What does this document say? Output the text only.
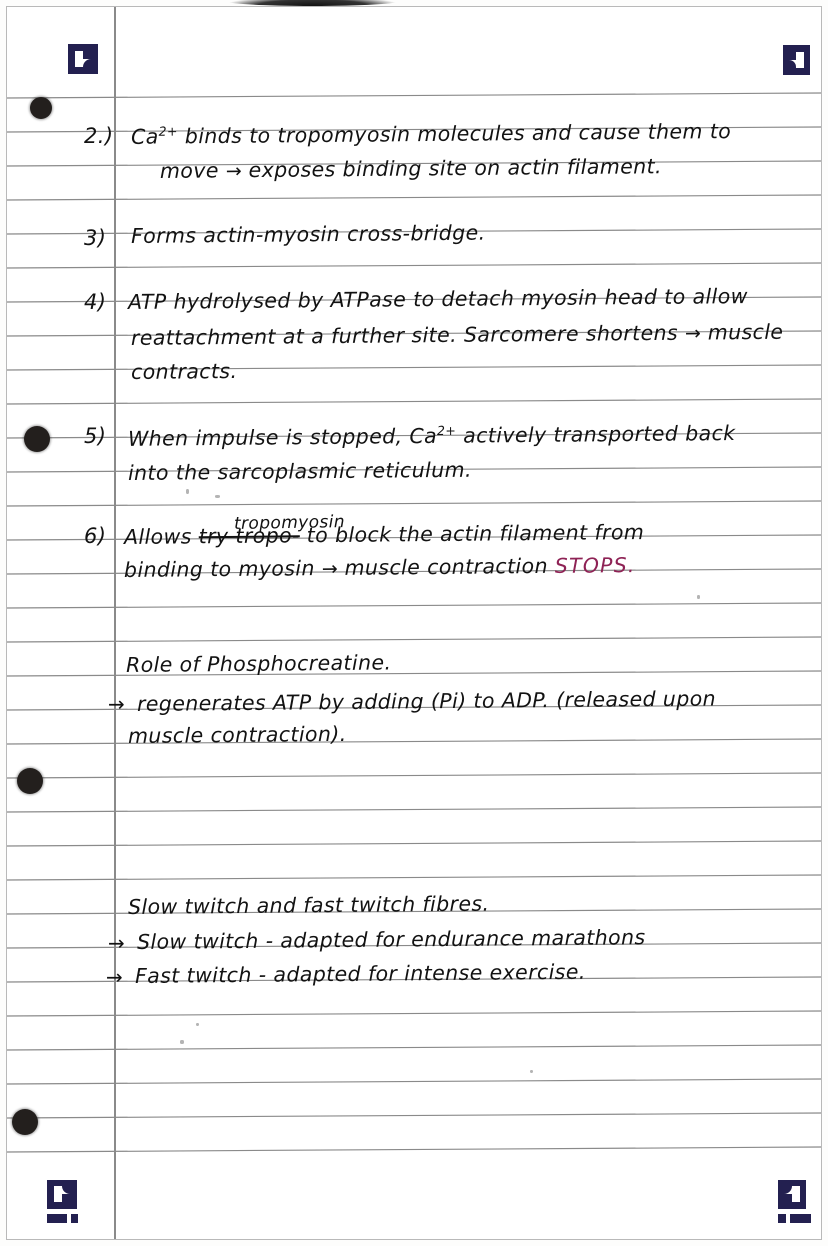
2.) $Ca^{2+}$ binds to tropomyosin molecules and cause them to
move → exposes binding site on actin filament.
3) Forms actin-myosin cross-bridge.
4) ATP hydrolysed by ATPase to detach myosin head to allow
reattachment at a further site. Sarcomere shortens → muscle
contracts.
5) When impulse is stopped, $Ca^{2+}$ actively transported back
into the sarcoplasmic reticulum.
6)
tropomyosin
Allows try tropo- to block the actin filament from
binding to myosin → muscle contraction STOPS.
Role of Phosphocreatine.
→ regenerates ATP by adding (Pi) to ADP. (released upon
muscle contraction).
Slow twitch and fast twitch fibres.
→ Slow twitch - adapted for endurance marathons
→ Fast twitch - adapted for intense exercise.
